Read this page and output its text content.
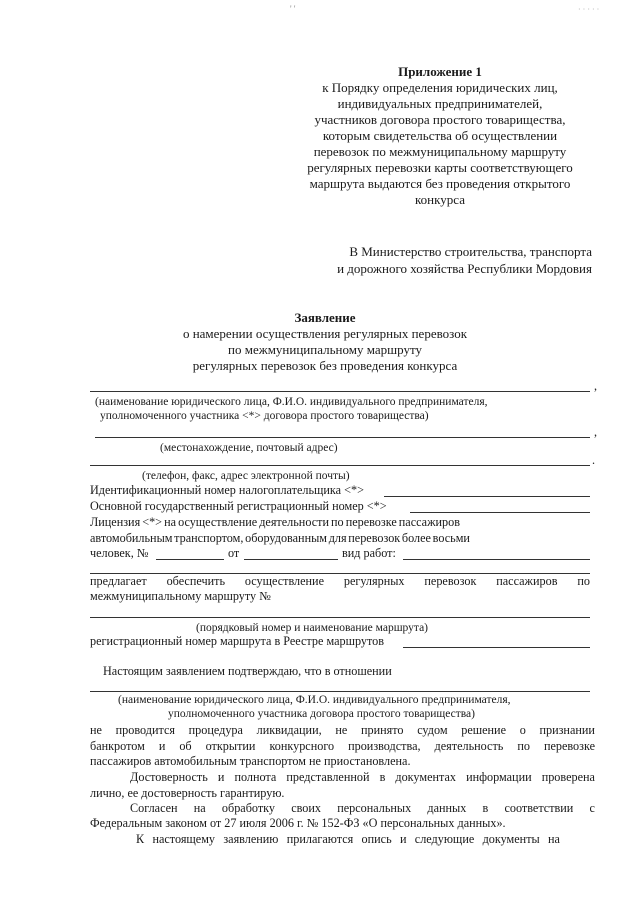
' '	· · · · ·
Приложение 1
к Порядку определения юридических лиц,
индивидуальных предпринимателей,
участников договора простого товарищества,
которым свидетельства об осуществлении
перевозок по межмуниципальному маршруту
регулярных перевозки карты соответствующего
маршрута выдаются без проведения открытого
конкурса
В Министерство строительства, транспорта
и дорожного хозяйства Республики Мордовия
Заявление
о намерении осуществления регулярных перевозок
по межмуниципальному маршруту
регулярных перевозок без проведения конкурса
,
(наименование юридического лица, Ф.И.О. индивидуального предпринимателя,
уполномоченного участника <*> договора простого товарищества)
,
(местонахождение, почтовый адрес)
.
(телефон, факс, адрес электронной почты)
Идентификационный номер налогоплательщика <*>
Основной государственный регистрационный номер <*>
Лицензия <*> на осуществление деятельности по перевозке пассажиров
автомобильным транспортом, оборудованным для перевозок более восьми
человек, №	от	вид работ:
предлагает обеспечить осуществление регулярных перевозок пассажиров по
межмуниципальному маршруту №
(порядковый номер и наименование маршрута)
регистрационный номер маршрута в Реестре маршрутов
Настоящим заявлением подтверждаю, что в отношении
(наименование юридического лица, Ф.И.О. индивидуального предпринимателя,
уполномоченного участника договора простого товарищества)
не проводится процедура ликвидации, не принято судом решение о признании
банкротом и об открытии конкурсного производства, деятельность по перевозке
пассажиров автомобильным транспортом не приостановлена.
Достоверность и полнота представленной в документах информации проверена
лично, ее достоверность гарантирую.
Согласен на обработку своих персональных данных в соответствии с
Федеральным законом от 27 июля 2006 г. № 152-ФЗ «О персональных данных».
К настоящему заявлению прилагаются опись и следующие документы на
